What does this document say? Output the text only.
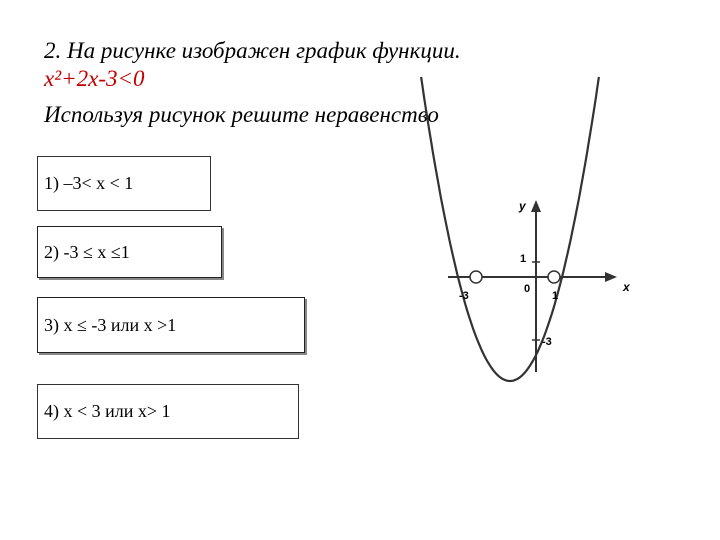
2. На рисунке изображен график функции.
x²+2x-3<0
Используя рисунок решите неравенство
1) –3< x < 1
2) -3 ≤ x ≤1
3) x ≤ -3 или x >1
4) x < 3 или x> 1
x
y
-3
0
1
1
-3
